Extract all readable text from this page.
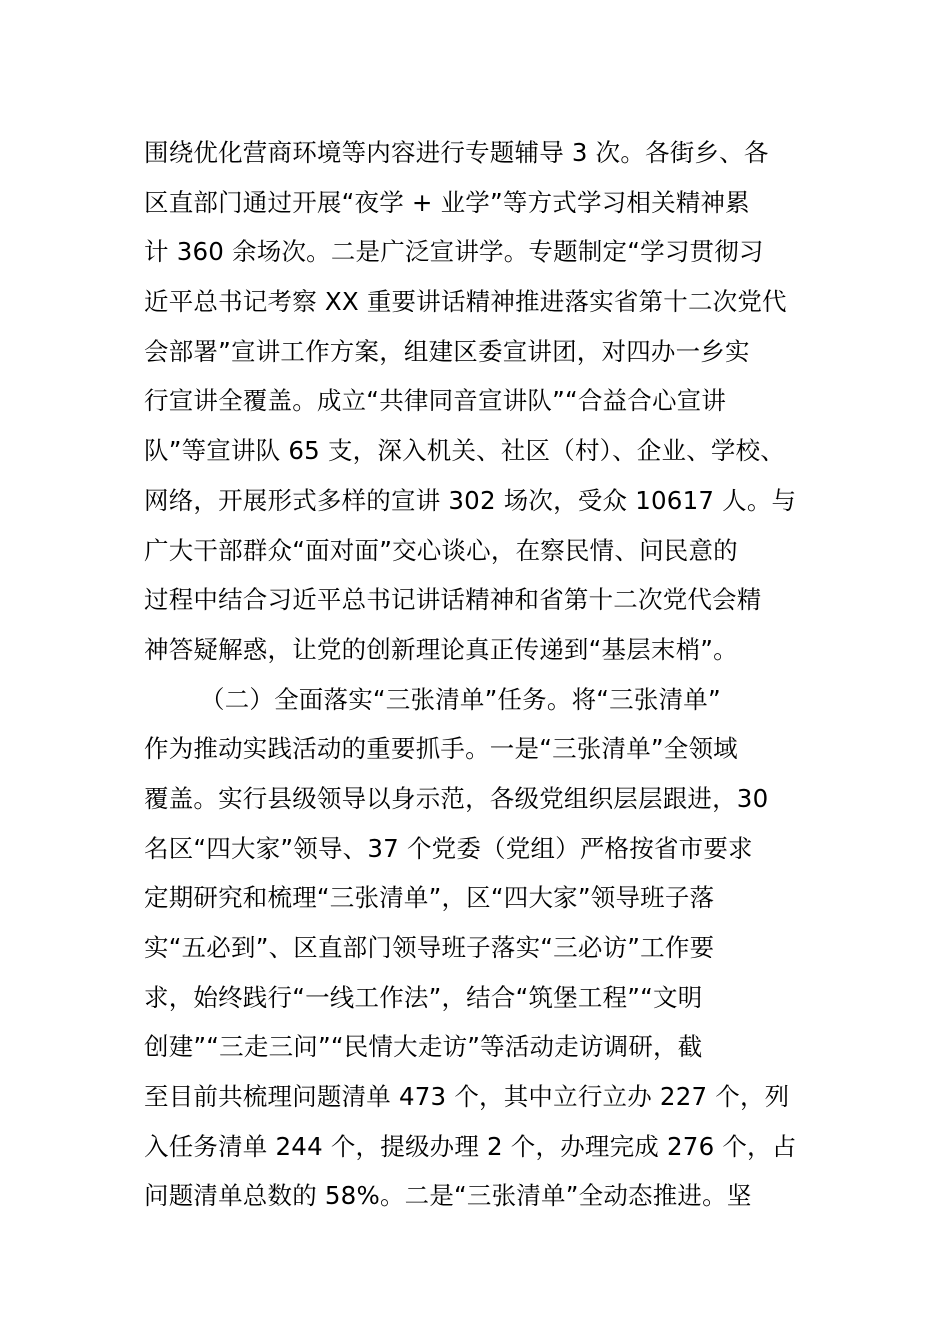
围绕优化营商环境等内容进行专题辅导 3 次。各街乡、各
区直部门通过开展“夜学 + 业学”等方式学习相关精神累
计 360 余场次。二是广泛宣讲学。专题制定“学习贯彻习
近平总书记考察 XX 重要讲话精神推进落实省第十二次党代
会部署”宣讲工作方案，组建区委宣讲团，对四办一乡实
行宣讲全覆盖。成立“共律同音宣讲队”“合益合心宣讲
队”等宣讲队 65 支，深入机关、社区（村）、企业、学校、
网络，开展形式多样的宣讲 302 场次，受众 10617 人。与
广大干部群众“面对面”交心谈心，在察民情、问民意的
过程中结合习近平总书记讲话精神和省第十二次党代会精
神答疑解惑，让党的创新理论真正传递到“基层末梢”。
（二）全面落实“三张清单”任务。将“三张清单”
作为推动实践活动的重要抓手。一是“三张清单”全领域
覆盖。实行县级领导以身示范，各级党组织层层跟进，30
名区“四大家”领导、37 个党委（党组）严格按省市要求
定期研究和梳理“三张清单”，区“四大家”领导班子落
实“五必到”、区直部门领导班子落实“三必访”工作要
求，始终践行“一线工作法”，结合“筑堡工程”“文明
创建”“三走三问”“民情大走访”等活动走访调研，截
至目前共梳理问题清单 473 个，其中立行立办 227 个，列
入任务清单 244 个，提级办理 2 个，办理完成 276 个，占
问题清单总数的 58%。二是“三张清单”全动态推进。坚
